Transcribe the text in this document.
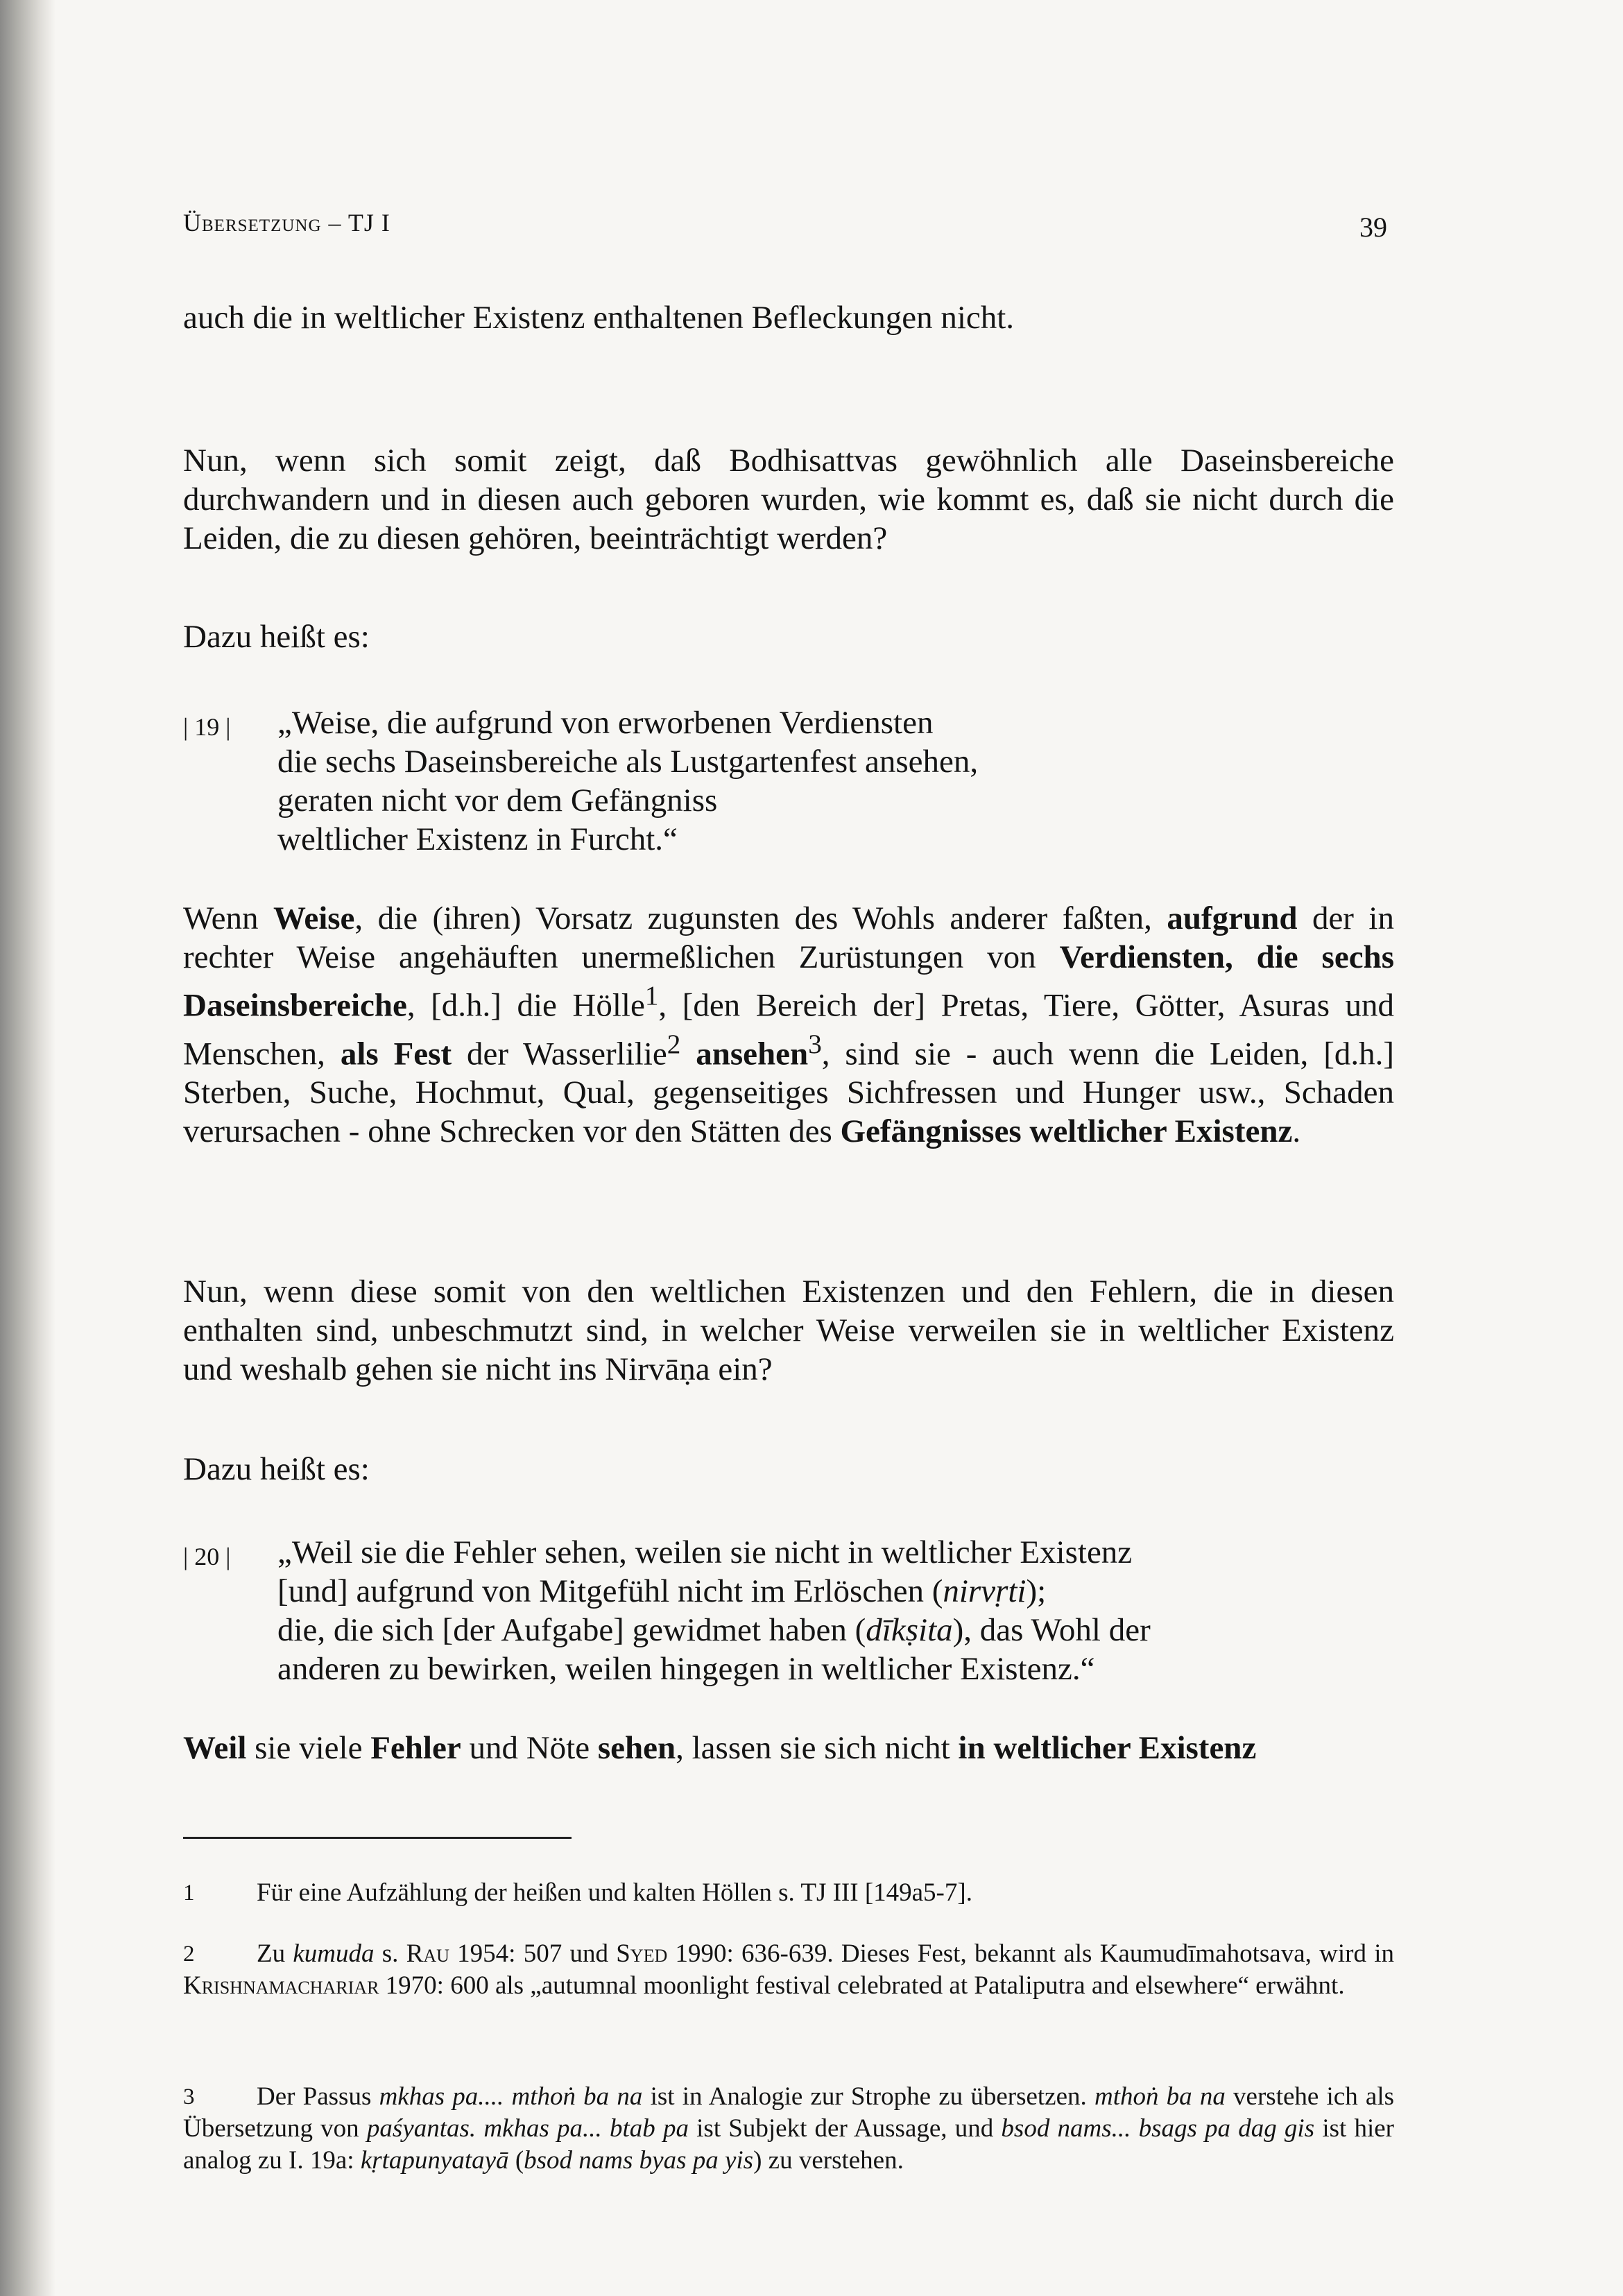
Übersetzung – TJ I	39

auch die in weltlicher Existenz enthaltenen Befleckungen nicht.

Nun, wenn sich somit zeigt, daß Bodhisattvas gewöhnlich alle Daseinsbereiche durchwandern und in diesen auch geboren wurden, wie kommt es, daß sie nicht durch die Leiden, die zu diesen gehören, beeinträchtigt werden?

Dazu heißt es:

| 19 | „Weise, die aufgrund von erworbenen Verdiensten
die sechs Daseinsbereiche als Lustgartenfest ansehen,
geraten nicht vor dem Gefängniss
weltlicher Existenz in Furcht.“

Wenn Weise, die (ihren) Vorsatz zugunsten des Wohls anderer faßten, aufgrund der in rechter Weise angehäuften unermeßlichen Zurüstungen von Verdiensten, die sechs Daseinsbereiche, [d.h.] die Hölle$^1$, [den Bereich der] Pretas, Tiere, Götter, Asuras und Menschen, als Fest der Wasserlilie$^2$ ansehen$^3$, sind sie - auch wenn die Leiden, [d.h.] Sterben, Suche, Hochmut, Qual, gegenseitiges Sichfressen und Hunger usw., Schaden verursachen - ohne Schrecken vor den Stätten des Gefängnisses weltlicher Existenz.

Nun, wenn diese somit von den weltlichen Existenzen und den Fehlern, die in diesen enthalten sind, unbeschmutzt sind, in welcher Weise verweilen sie in weltlicher Existenz und weshalb gehen sie nicht ins Nirvāṇa ein?

Dazu heißt es:

| 20 | „Weil sie die Fehler sehen, weilen sie nicht in weltlicher Existenz
[und] aufgrund von Mitgefühl nicht im Erlöschen (nirvṛti);
die, die sich [der Aufgabe] gewidmet haben (dīkṣita), das Wohl der
anderen zu bewirken, weilen hingegen in weltlicher Existenz.“

Weil sie viele Fehler und Nöte sehen, lassen sie sich nicht in weltlicher Existenz

1	Für eine Aufzählung der heißen und kalten Höllen s. TJ III [149a5-7].

2	Zu kumuda s. Rau 1954: 507 und Syed 1990: 636-639. Dieses Fest, bekannt als Kaumudīmahotsava, wird in Krishnamachariar 1970: 600 als „autumnal moonlight festival celebrated at Pataliputra and elsewhere“ erwähnt.

3	Der Passus mkhas pa.... mthoṅ ba na ist in Analogie zur Strophe zu übersetzen. mthoṅ ba na verstehe ich als Übersetzung von paśyantas. mkhas pa... btab pa ist Subjekt der Aussage, und bsod nams... bsags pa dag gis ist hier analog zu I. 19a: kṛtapunyatayā (bsod nams byas pa yis) zu verstehen.
